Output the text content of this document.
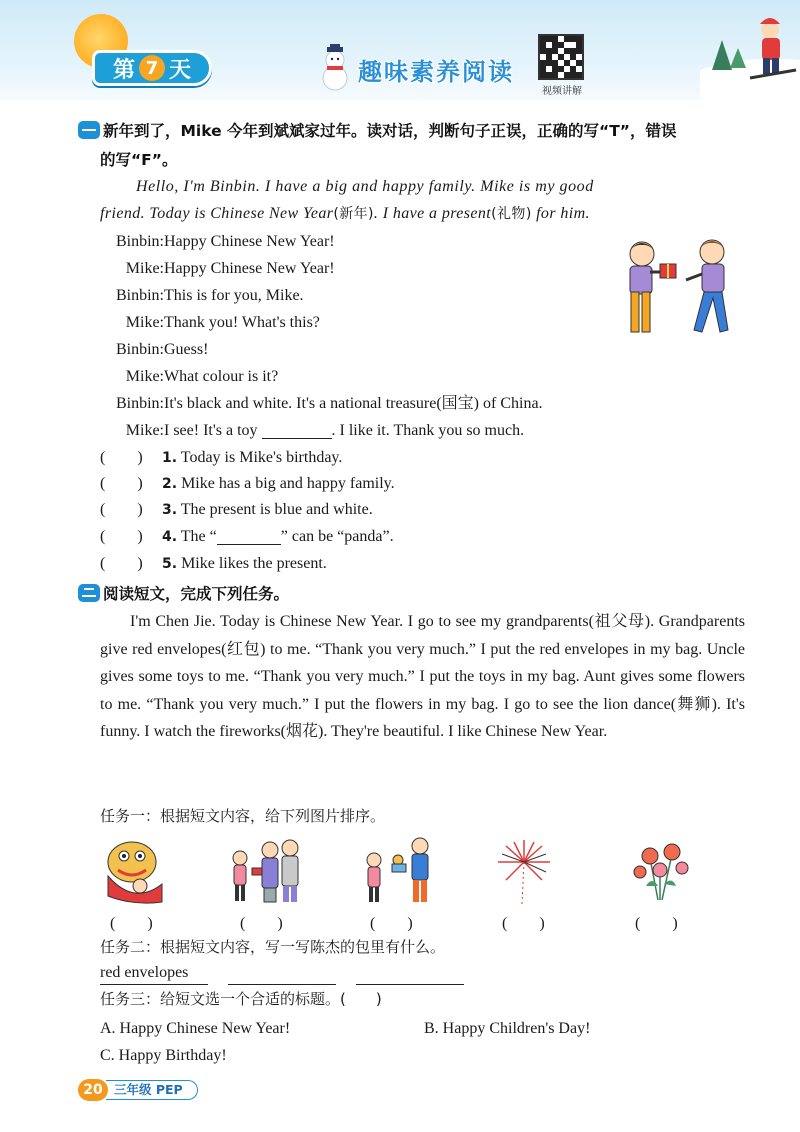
第 7 天	趣味素养阅读
视频讲解
新年到了，Mike 今年到斌斌家过年。读对话，判断句子正误，正确的写“T”，错误
的写“F”。
Hello, I'm Binbin. I have a big and happy family. Mike is my good
friend. Today is Chinese New Year(新年). I have a present(礼物) for him.
Binbin:Happy Chinese New Year!
Mike:Happy Chinese New Year!
Binbin:This is for you, Mike.
Mike:Thank you! What's this?
Binbin:Guess!
Mike:What colour is it?
Binbin:It's black and white. It's a national treasure(国宝) of China.
Mike:I see! It's a toy	. I like it. Thank you so much.
(　　) 1. Today is Mike's birthday.
(　　) 2. Mike has a big and happy family.
(　　) 3. The present is blue and white.
(　　) 4. The “	” can be “panda”.
(　　) 5. Mike likes the present.
阅读短文，完成下列任务。
I'm Chen Jie. Today is Chinese New Year. I go to see my grandparents(祖父母). Grandparents give red envelopes(红包) to me. “Thank you very much.” I put the red envelopes in my bag. Uncle gives some toys to me. “Thank you very much.” I put the toys in my bag. Aunt gives some flowers to me. “Thank you very much.” I put the flowers in my bag. I go to see the lion dance(舞狮). It's funny. I watch the fireworks(烟花). They're beautiful. I like Chinese New Year.
任务一：根据短文内容，给下列图片排序。
(　　)	(　　)	(　　)	(　　)	(　　)
任务二：根据短文内容，写一写陈杰的包里有什么。
red envelopes
任务三：给短文选一个合适的标题。(　　)
A. Happy Chinese New Year!	B. Happy Children's Day!
C. Happy Birthday!
20 三年级 PEP
